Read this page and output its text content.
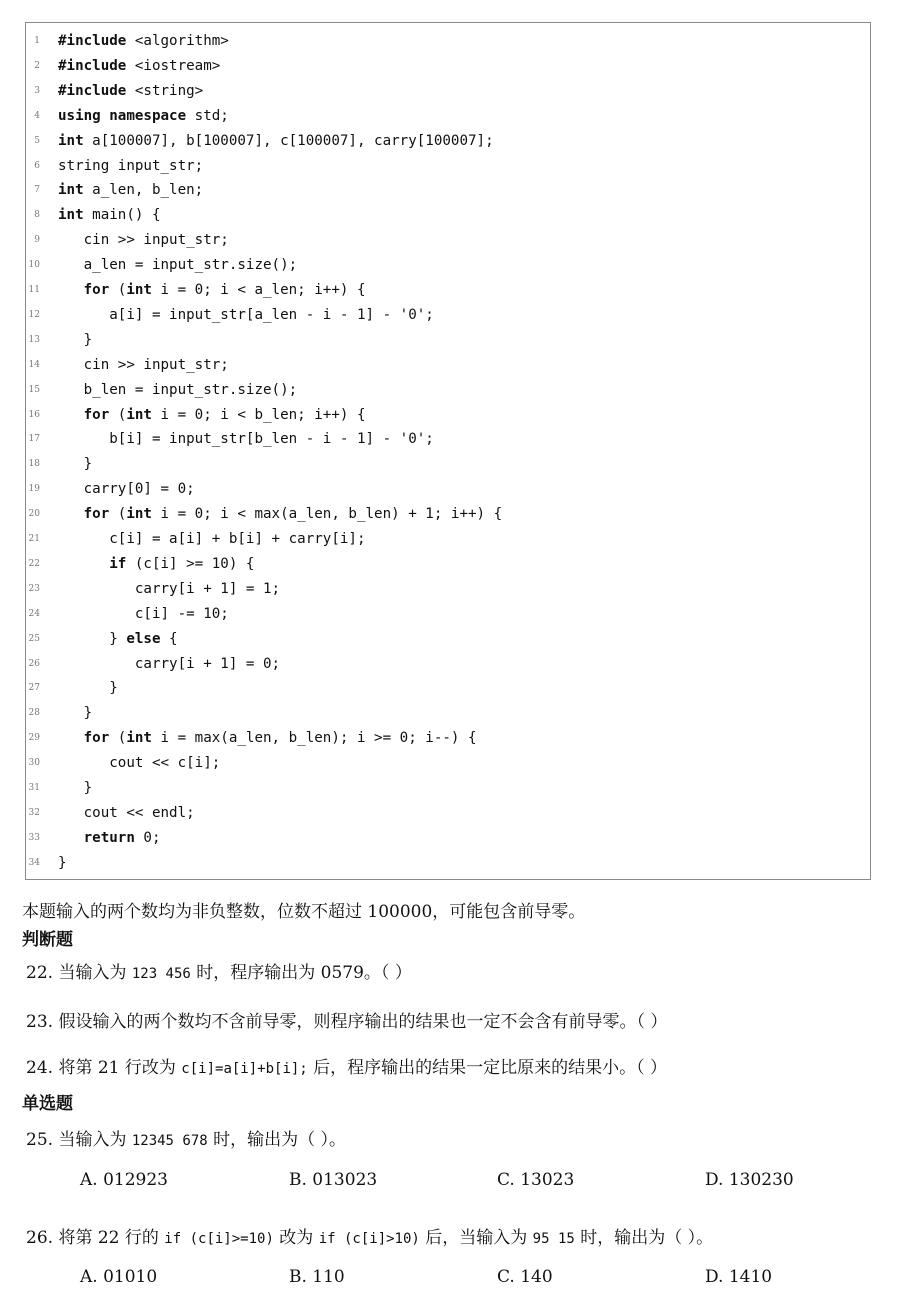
1 #include <algorithm>
2 #include <iostream>
3 #include <string>
4 using namespace std;
5 int a[100007], b[100007], c[100007], carry[100007];
6 string input_str;
7 int a_len, b_len;
8 int main() {
9 cin >> input_str;
10 a_len = input_str.size();
11	for (int i = 0; i < a_len; i++) {
12 a[i] = input_str[a_len - i - 1] - '0';
13 }
14 cin >> input_str;
15 b_len = input_str.size();
16	for (int i = 0; i < b_len; i++) {
17 b[i] = input_str[b_len - i - 1] - '0';
18 }
19 carry[0] = 0;
20	for (int i = 0; i < max(a_len, b_len) + 1; i++) {
21 c[i] = a[i] + b[i] + carry[i];
22	if (c[i] >= 10) {
23 carry[i + 1] = 1;
24 c[i] -= 10;
25 } else {
26 carry[i + 1] = 0;
27 }
28 }
29	for (int i = max(a_len, b_len); i >= 0; i--) {
30 cout << c[i];
31 }
32 cout << endl;
33	return 0;
34 }
本题输入的两个数均为非负整数，位数不超过 100000，可能包含前导零。
判断题
22. 当输入为 123 456 时，程序输出为 0579。（ ）
23. 假设输入的两个数均不含前导零，则程序输出的结果也一定不会含有前导零。（ ）
24. 将第 21 行改为 c[i]=a[i]+b[i]; 后，程序输出的结果一定比原来的结果小。（ ）
单选题
25. 当输入为 12345 678 时，输出为（ ）。
A. 012923	B. 013023	C. 13023	D. 130230
26. 将第 22 行的 if (c[i]>=10) 改为 if (c[i]>10) 后，当输入为 95 15 时，输出为（ ）。
A. 01010	B. 110	C. 140	D. 1410
